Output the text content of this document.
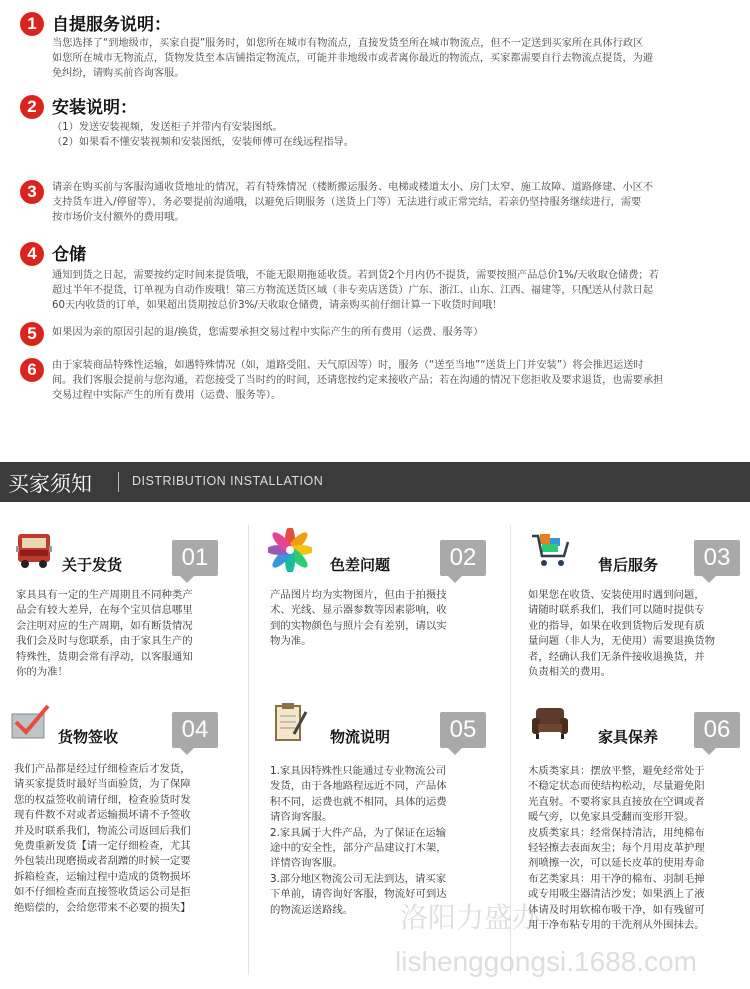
1 自提服务说明：
当您选择了“到地级市，买家自提”服务时，如您所在城市有物流点，直接发货至所在城市物流点，但不一定送到买家所在具体行政区
如您所在城市无物流点，货物发货至本店铺指定物流点，可能并非地级市或者离你最近的物流点，买家都需要自行去物流点提货，为避
免纠纷，请购买前咨询客服。
2 安装说明：
（1）发送安装视频，发送柜子并带内有安装图纸。
（2）如果看不懂安装视频和安装图纸，安装师傅可在线远程指导。
3	请亲在购买前与客服沟通收货地址的情况，若有特殊情况（楼断搬运服务、电梯或楼道太小、房门太窄、施工故障、道路修建、小区不
支持货车进入/停留等），务必要提前沟通哦，以避免后期服务（送货上门等）无法进行或正常完结，若亲仍坚持服务继续进行，需要
按市场价支付额外的费用哦。
4 仓储
通知到货之日起，需要按约定时间来提货哦，不能无限期拖延收货。若到货2个月内仍不提货，需要按照产品总价1%/天收取仓储费；若
超过半年不提货，订单视为自动作废哦！第三方物流送货区域（非专卖店送货）广东、浙江、山东、江西、福建等，只配送从付款日起
60天内收货的订单，如果超出货期按总价3%/天收取仓储费，请亲购买前仔细计算一下收货时间哦！
5	如果因为亲的原因引起的退/换货，您需要承担交易过程中实际产生的所有费用（运费、服务等）
6	由于家装商品特殊性运输，如遇特殊情况（如，道路受阻、天气原因等）时，服务（“送至当地”“送货上门并安装”）将会推迟运送时
间。我们客服会提前与您沟通，若您接受了当时约的时间，还请您按约定来接收产品；若在沟通的情况下您拒收及要求退货，也需要承担
交易过程中实际产生的所有费用（运费、服务等）。
买家须知	DISTRIBUTION INSTALLATION
关于发货	01
家具具有一定的生产周期且不同种类产
品会有较大差异，在每个宝贝信息哪里
会注明对应的生产周期，如有断货情况
我们会及时与您联系，由于家具生产的
特殊性，货期会常有浮动，以客服通知
你的为准！
色差问题	02
产品图片均为实物图片，但由于拍摄技
术、光线、显示器参数等因素影响，收
到的实物颜色与照片会有差别，请以实
物为准。
售后服务	03
如果您在收货、安装使用时遇到问题，
请随时联系我们，我们可以随时提供专
业的指导，如果在收到货物后发现有质
量问题（非人为，无使用）需要退换货物
者，经确认我们无条件接收退换货，并
负责相关的费用。
货物签收	04
我们产品都是经过仔细检查后才发货，
请买家提货时最好当面验货，为了保障
您的权益签收前请仔细，检查验货时发
现有件数不对或者运输损坏请不予签收
并及时联系我们，物流公司返回后我们
免费重新发货【请一定仔细检查，尤其
外包装出现磨损或者刮蹭的时候一定要
拆箱检查，运输过程中造成的货物损坏
如不仔细检查而直接签收货运公司是拒
绝赔偿的，会给您带来不必要的损失】
物流说明	05
1.家具因特殊性只能通过专业物流公司
发货，由于各地路程远近不同，产品体
积不同，运费也就不相同，具体的运费
请咨询客服。
2.家具属于大件产品，为了保证在运输
途中的安全性，部分产品建议打木架，
详情咨询客服。
3.部分地区物流公司无法到达，请买家
下单前，请咨询好客服，物流好可到达
的物流运送路线。
家具保养	06
木质类家具：摆放平整，避免经常处于
不稳定状态而使结构松动，尽量避免阳
光直射。不要将家具直接放在空调或者
暖气旁，以免家具受翻而变形开裂。
皮质类家具：经常保持清洁，用纯棉布
轻轻擦去表面灰尘；每个月用皮革护理
剂喷擦一次，可以延长皮革的使用寿命
布艺类家具：用干净的棉布、羽制毛掸
或专用吸尘器清洁沙发；如果洒上了液
体请及时用软棉布吸干净，如有残留可
用干净布粘专用的干洗剂从外围抹去。
洛阳力盛办
lishenggongsi.1688.com
